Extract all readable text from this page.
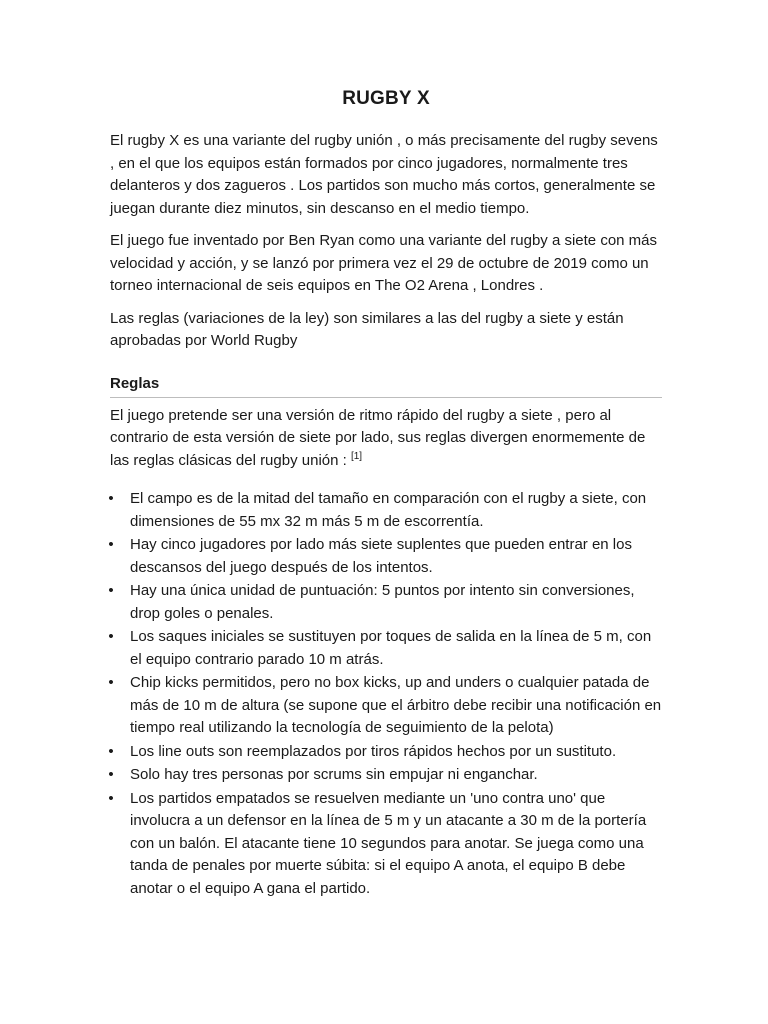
RUGBY X

El rugby X es una variante del rugby unión , o más precisamente del rugby sevens , en el que los equipos están formados por cinco jugadores, normalmente tres delanteros y dos zagueros . Los partidos son mucho más cortos, generalmente se juegan durante diez minutos, sin descanso en el medio tiempo.

El juego fue inventado por Ben Ryan como una variante del rugby a siete con más velocidad y acción, y se lanzó por primera vez el 29 de octubre de 2019 como un torneo internacional de seis equipos en The O2 Arena , Londres .

Las reglas (variaciones de la ley) son similares a las del rugby a siete y están aprobadas por World Rugby

Reglas

El juego pretende ser una versión de ritmo rápido del rugby a siete , pero al contrario de esta versión de siete por lado, sus reglas divergen enormemente de las reglas clásicas del rugby unión : [1]

• El campo es de la mitad del tamaño en comparación con el rugby a siete, con dimensiones de 55 mx 32 m más 5 m de escorrentía.
• Hay cinco jugadores por lado más siete suplentes que pueden entrar en los descansos del juego después de los intentos.
• Hay una única unidad de puntuación: 5 puntos por intento sin conversiones, drop goles o penales.
• Los saques iniciales se sustituyen por toques de salida en la línea de 5 m, con el equipo contrario parado 10 m atrás.
• Chip kicks permitidos, pero no box kicks, up and unders o cualquier patada de más de 10 m de altura (se supone que el árbitro debe recibir una notificación en tiempo real utilizando la tecnología de seguimiento de la pelota)
• Los line outs son reemplazados por tiros rápidos hechos por un sustituto.
• Solo hay tres personas por scrums sin empujar ni enganchar.
• Los partidos empatados se resuelven mediante un 'uno contra uno' que involucra a un defensor en la línea de 5 m y un atacante a 30 m de la portería con un balón. El atacante tiene 10 segundos para anotar. Se juega como una tanda de penales por muerte súbita: si el equipo A anota, el equipo B debe anotar o el equipo A gana el partido.
